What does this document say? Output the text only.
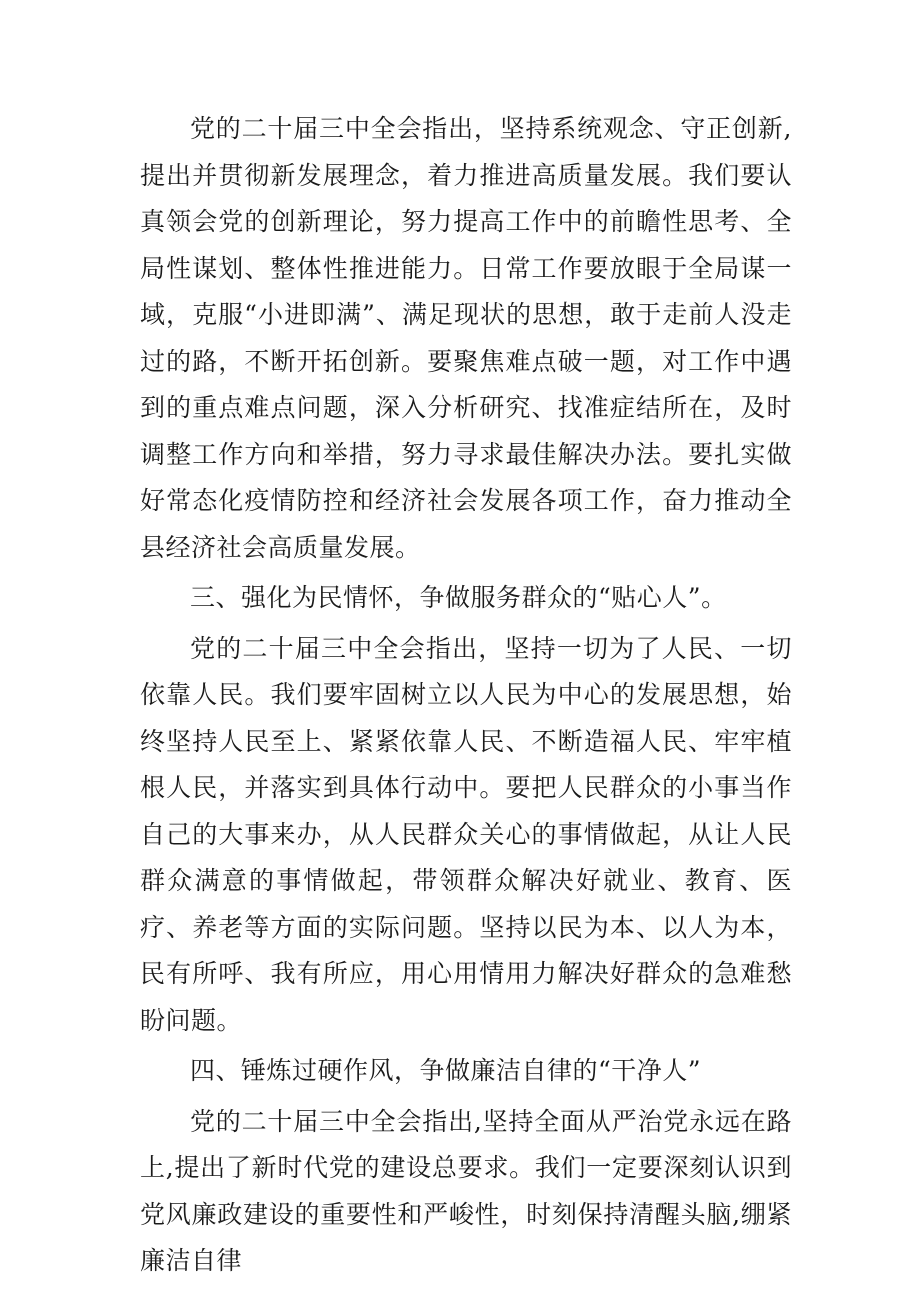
党的二十届三中全会指出，坚持系统观念、守正创新,提出并贯彻新发展理念，着力推进高质量发展。我们要认真领会党的创新理论，努力提高工作中的前瞻性思考、全局性谋划、整体性推进能力。日常工作要放眼于全局谋一域，克服“小进即满”、满足现状的思想，敢于走前人没走过的路，不断开拓创新。要聚焦难点破一题，对工作中遇到的重点难点问题，深入分析研究、找准症结所在，及时调整工作方向和举措，努力寻求最佳解决办法。要扎实做好常态化疫情防控和经济社会发展各项工作，奋力推动全县经济社会高质量发展。

三、强化为民情怀，争做服务群众的“贴心人”。

党的二十届三中全会指出，坚持一切为了人民、一切依靠人民。我们要牢固树立以人民为中心的发展思想，始终坚持人民至上、紧紧依靠人民、不断造福人民、牢牢植根人民，并落实到具体行动中。要把人民群众的小事当作自己的大事来办，从人民群众关心的事情做起，从让人民群众满意的事情做起，带领群众解决好就业、教育、医疗、养老等方面的实际问题。坚持以民为本、以人为本，民有所呼、我有所应，用心用情用力解决好群众的急难愁盼问题。

四、锤炼过硬作风，争做廉洁自律的“干净人”

党的二十届三中全会指出,坚持全面从严治党永远在路上,提出了新时代党的建设总要求。我们一定要深刻认识到党风廉政建设的重要性和严峻性，时刻保持清醒头脑,绷紧廉洁自律
